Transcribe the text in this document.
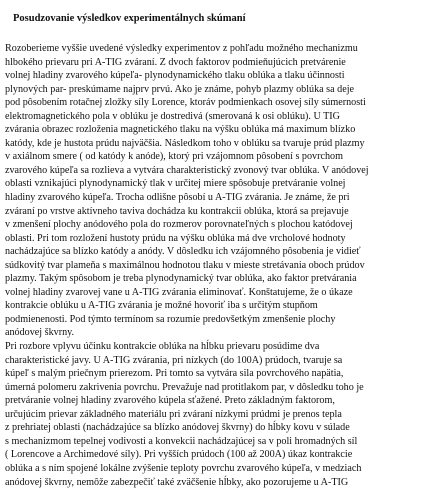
Posudzovanie výsledkov experimentálnych skúmaní
Rozoberieme vyššie uvedené výsledky experimentov z pohľadu možného mechanizmu
hlbokého prievaru pri A-TIG zváraní. Z dvoch faktorov podmieňujúcich pretvárenie
volnej hladiny zvarového kúpeľa- plynodynamického tlaku oblúka a tlaku účinnosti
plynových par- preskúmame najprv prvú. Ako je známe, pohyb plazmy oblúka sa deje
pod pôsobením rotačnej zložky síly Lorence, ktoráv podmienkach osovej síly súmernosti
elektromagnetického pola v oblúku je dostredivá (smerovaná k osi oblúku). U TIG
zvárania obrazec rozloženia magnetického tlaku na výšku oblúka má maximum blízko
katódy, kde je hustota prúdu najväčšia. Následkom toho v oblúku sa tvaruje prúd plazmy
v axiálnom smere ( od katódy k anóde), ktorý pri vzájomnom pôsobení s povrchom
zvarového kúpeľa sa rozlieva a vytvára charakteristický zvonový tvar oblúka. V anódovej
oblasti vznikajúci plynodynamický tlak v určitej miere spôsobuje pretváranie volnej
hladiny zvarového kúpeľa. Trocha odlišne pôsobí u A-TIG zvárania. Je známe, že pri
zváraní po vrstve aktívneho taviva dochádza ku kontrakcii oblúka, ktorá sa prejavuje
v zmenšení plochy anódového pola do rozmerov porovnateľných s plochou katódovej
oblasti. Pri tom rozložení hustoty prúdu na výšku oblúka má dve vrcholové hodnoty
nachádzajúce sa blízko katódy a anódy. V dôsledku ich vzájomného pôsobenia je vidieť
súdkovitý tvar plameňa s maximálnou hodnotou tlaku v mieste stretávania oboch prúdov
plazmy. Takým spôsobom je treba plynodynamický tvar oblúka, ako faktor pretvárania
volnej hladiny zvarovej vane u A-TIG zvárania eliminovať. Konštatujeme, že o úkaze
kontrakcie oblúku u A-TIG zvárania je možné hovoriť iba s určitým stupňom
podmienenosti. Pod týmto termínom sa rozumie predovšetkým zmenšenie plochy
anódovej škvrny.
Pri rozbore vplyvu účinku kontrakcie oblúka na hĺbku prievaru posúdime dva
charakteristické javy. U A-TIG zvárania, pri nízkych (do 100A) prúdoch, tvaruje sa
kúpeľ s malým priečnym prierezom. Pri tomto sa vytvára sila povrchového napätia,
úmerná polomeru zakrivenia povrchu. Prevažuje nad protitlakom par, v dôsledku toho je
pretváranie volnej hladiny zvarového kúpela sťažené. Preto základným faktorom,
určujúcim prievar základného materiálu pri zváraní nízkymi prúdmi je prenos tepla
z prehriatej oblasti (nachádzajúce sa blízko anódovej škvrny) do hĺbky kovu v súlade
s mechanizmom tepelnej vodivosti a konvekcii nachádzajúcej sa v poli hromadných síl
( Lorencove a Archimedové síly). Pri vyšších prúdoch (100 až 200A) úkaz kontrakcie
oblúka a s ním spojené lokálne zvýšenie teploty povrchu zvarového kúpeľa, v medziach
anódovej škvrny, nemôže zabezpečiť také zväčšenie hĺbky, ako pozorujeme u A-TIG
